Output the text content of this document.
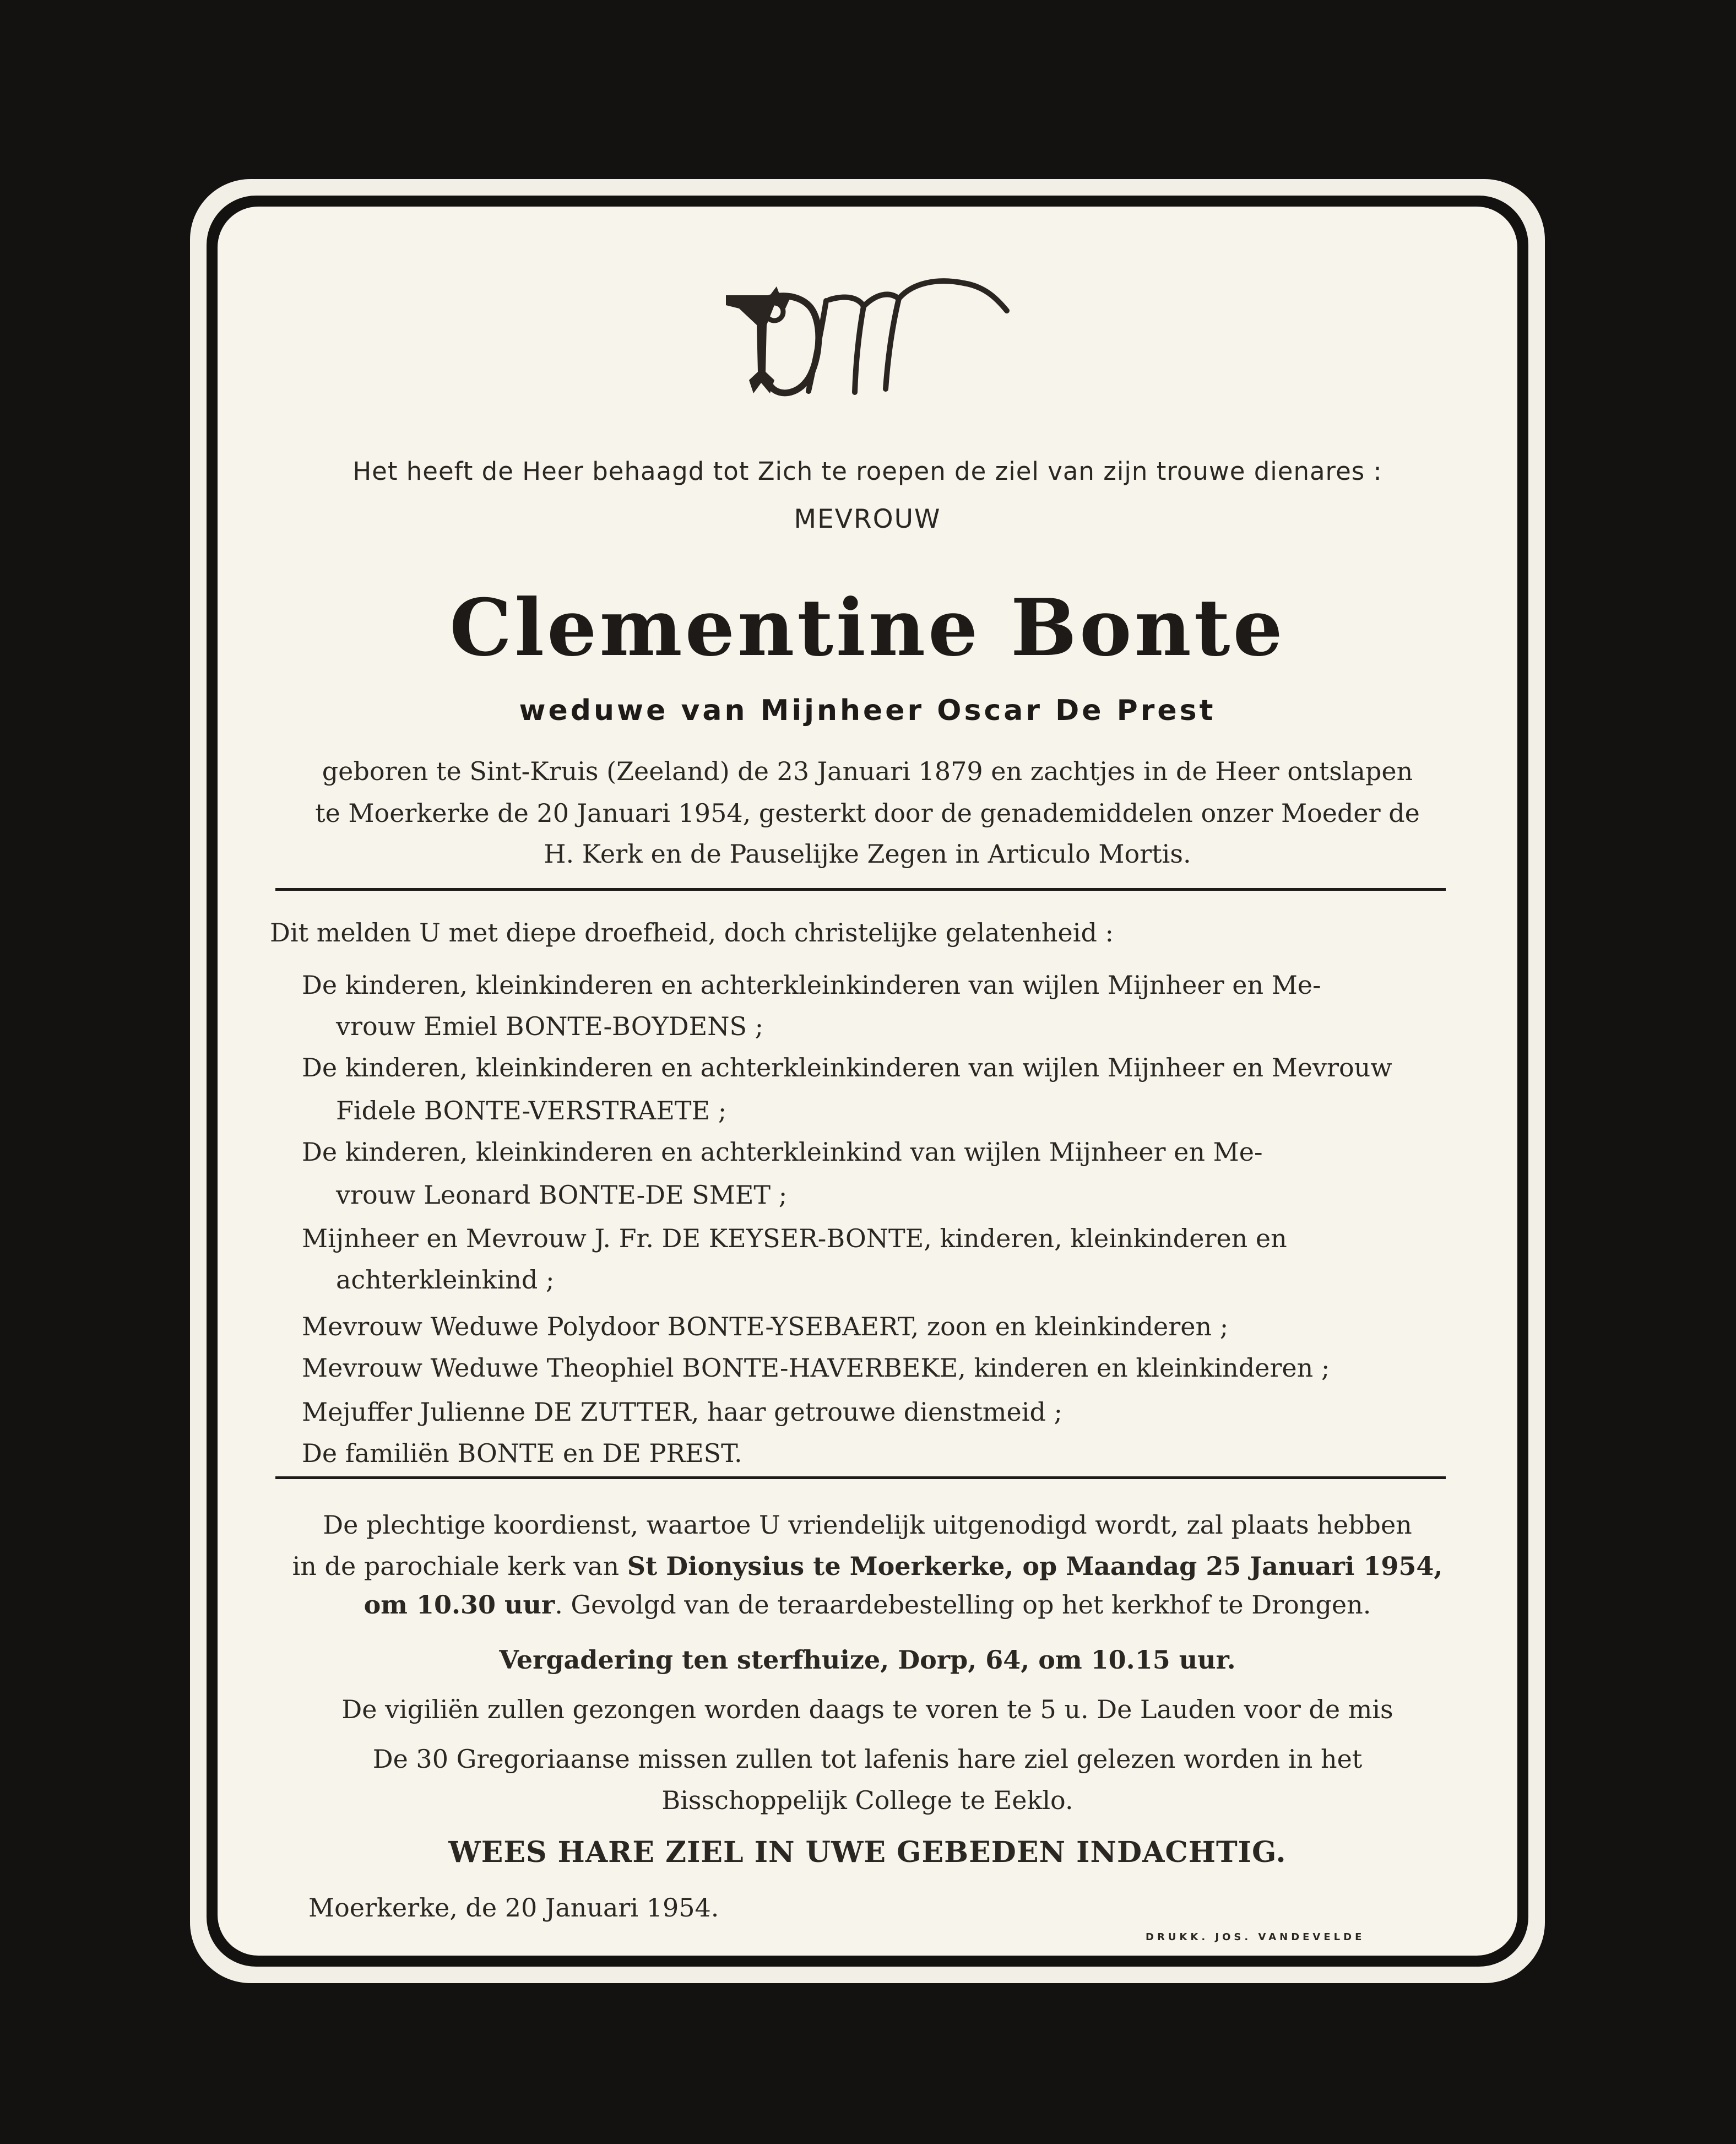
Het heeft de Heer behaagd tot Zich te roepen de ziel van zijn trouwe dienares :
MEVROUW
Clementine Bonte
weduwe van Mijnheer Oscar De Prest
geboren te Sint-Kruis (Zeeland) de 23 Januari 1879 en zachtjes in de Heer ontslapen
te Moerkerke de 20 Januari 1954, gesterkt door de genademiddelen onzer Moeder de
H. Kerk en de Pauselijke Zegen in Articulo Mortis.
Dit melden U met diepe droefheid, doch christelijke gelatenheid :
De kinderen, kleinkinderen en achterkleinkinderen van wijlen Mijnheer en Me-
vrouw Emiel BONTE-BOYDENS ;
De kinderen, kleinkinderen en achterkleinkinderen van wijlen Mijnheer en Mevrouw
Fidele BONTE-VERSTRAETE ;
De kinderen, kleinkinderen en achterkleinkind van wijlen Mijnheer en Me-
vrouw Leonard BONTE-DE SMET ;
Mijnheer en Mevrouw J. Fr. DE KEYSER-BONTE, kinderen, kleinkinderen en
achterkleinkind ;
Mevrouw Weduwe Polydoor BONTE-YSEBAERT, zoon en kleinkinderen ;
Mevrouw Weduwe Theophiel BONTE-HAVERBEKE, kinderen en kleinkinderen ;
Mejuffer Julienne DE ZUTTER, haar getrouwe dienstmeid ;
De familiën BONTE en DE PREST.
De plechtige koordienst, waartoe U vriendelijk uitgenodigd wordt, zal plaats hebben
in de parochiale kerk van St Dionysius te Moerkerke, op Maandag 25 Januari 1954,
om 10.30 uur. Gevolgd van de teraardebestelling op het kerkhof te Drongen.
Vergadering ten sterfhuize, Dorp, 64, om 10.15 uur.
De vigiliën zullen gezongen worden daags te voren te 5 u. De Lauden voor de mis
De 30 Gregoriaanse missen zullen tot lafenis hare ziel gelezen worden in het
Bisschoppelijk College te Eeklo.
WEES HARE ZIEL IN UWE GEBEDEN INDACHTIG.
Moerkerke, de 20 Januari 1954.
DRUKK. JOS. VANDEVELDE
